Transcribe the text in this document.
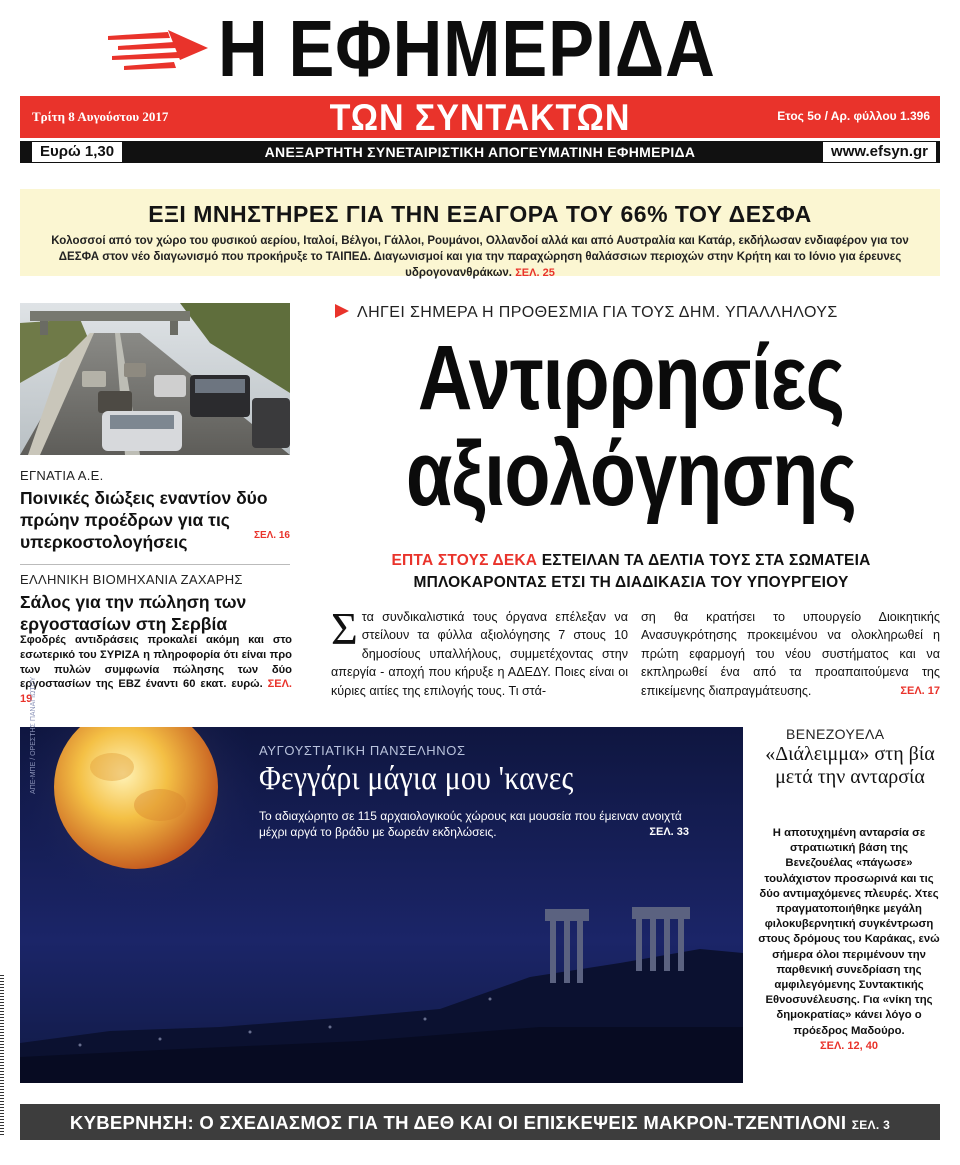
Η ΕΦΗΜΕΡΙΔΑ
Τρίτη 8 Αυγούστου 2017	ΤΩΝ ΣΥΝΤΑΚΤΩΝ	Ετος 5ο / Αρ. φύλλου 1.396
ΑΝΕΞΑΡΤΗΤΗ ΣΥΝΕΤΑΙΡΙΣΤΙΚΗ ΑΠΟΓΕΥΜΑΤΙΝΗ ΕΦΗΜΕΡΙΔΑ
Ευρώ 1,30	www.efsyn.gr
ΕΞΙ ΜΝΗΣΤΗΡΕΣ ΓΙΑ ΤΗΝ ΕΞΑΓΟΡΑ ΤΟΥ 66% ΤΟΥ ΔΕΣΦΑ

Κολοσσοί από τον χώρο του φυσικού αερίου, Ιταλοί, Βέλγοι, Γάλλοι, Ρουμάνοι, Ολλανδοί αλλά και από Αυστραλία και Κατάρ, εκδήλωσαν ενδιαφέρον για τον ΔΕΣΦΑ στον νέο διαγωνισμό που προκήρυξε το ΤΑΙΠΕΔ. Διαγωνισμοί και για την παραχώρηση θαλάσσιων περιοχών στην Κρήτη και το Ιόνιο για έρευνες υδρογονανθράκων. ΣΕΛ. 25

ΕΓΝΑΤΙΑ Α.Ε.
Ποινικές διώξεις εναντίον δύο πρώην προέδρων για τις υπερκοστολογήσεις	ΣΕΛ. 16
ΕΛΛΗΝΙΚΗ ΒΙΟΜΗΧΑΝΙΑ ΖΑΧΑΡΗΣ
Σάλος για την πώληση των εργοστασίων στη Σερβία
Σφοδρές αντιδράσεις προκαλεί ακόμη και στο εσωτερικό του ΣΥΡΙΖΑ η πληροφορία ότι είναι προ των πυλών συμφωνία πώλησης των δύο εργοστασίων της ΕΒΖ έναντι 60 εκατ. ευρώ. ΣΕΛ. 19
ΛΗΓΕΙ ΣΗΜΕΡΑ Η ΠΡΟΘΕΣΜΙΑ ΓΙΑ ΤΟΥΣ ΔΗΜ. ΥΠΑΛΛΗΛΟΥΣ
Αντιρρησίες
αξιολόγησης
ΕΠΤΑ ΣΤΟΥΣ ΔΕΚΑ ΕΣΤΕΙΛΑΝ ΤΑ ΔΕΛΤΙΑ ΤΟΥΣ ΣΤΑ ΣΩΜΑΤΕΙΑ
ΜΠΛΟΚΑΡΟΝΤΑΣ ΕΤΣΙ ΤΗ ΔΙΑΔΙΚΑΣΙΑ ΤΟΥ ΥΠΟΥΡΓΕΙΟΥ
Στα συνδικαλιστικά τους όργανα επέλεξαν να στείλουν τα φύλλα αξιολόγησης 7 στους 10 δημοσίους υπαλλήλους, συμμετέχοντας στην απεργία - αποχή που κήρυξε η ΑΔΕΔΥ. Ποιες είναι οι κύριες αιτίες της επιλογής τους. Τι στά-
ση θα κρατήσει το υπουργείο Διοικητικής Ανασυγκρότησης προκειμένου να ολοκληρωθεί η πρώτη εφαρμογή του νέου συστήματος και να εκπληρωθεί ένα από τα προαπαιτούμενα της επικείμενης διαπραγμάτευσης.	ΣΕΛ. 17
ΑΠΕ-ΜΠΕ / ΟΡΕΣΤΗΣ ΠΑΝΑΓΙΩΤΟΥ	ΑΥΓΟΥΣΤΙΑΤΙΚΗ ΠΑΝΣΕΛΗΝΟΣ
Φεγγάρι μάγια μου 'κανες
Το αδιαχώρητο σε 115 αρχαιολογικούς χώρους και μουσεία που έμειναν ανοιχτά μέχρι αργά το βράδυ με δωρεάν εκδηλώσεις.	ΣΕΛ. 33
ΒΕΝΕΖΟΥΕΛΑ
«Διάλειμμα» στη βία μετά την ανταρσία
Η αποτυχημένη ανταρσία σε στρατιωτική βάση της Βενεζουέλας «πάγωσε» τουλάχιστον προσωρινά και τις δύο αντιμαχόμενες πλευρές. Χτες πραγματοποιήθηκε μεγάλη φιλοκυβερνητική συγκέντρωση στους δρόμους του Καράκας, ενώ σήμερα όλοι περιμένουν την παρθενική συνεδρίαση της αμφιλεγόμενης Συντακτικής Εθνοσυνέλευσης. Για «νίκη της δημοκρατίας» κάνει λόγο ο πρόεδρος Μαδούρο.
ΣΕΛ. 12, 40
ΚΥΒΕΡΝΗΣΗ: Ο ΣΧΕΔΙΑΣΜΟΣ ΓΙΑ ΤΗ ΔΕΘ ΚΑΙ ΟΙ ΕΠΙΣΚΕΨΕΙΣ ΜΑΚΡΟΝ-ΤΖΕΝΤΙΛΟΝΙ ΣΕΛ. 3
